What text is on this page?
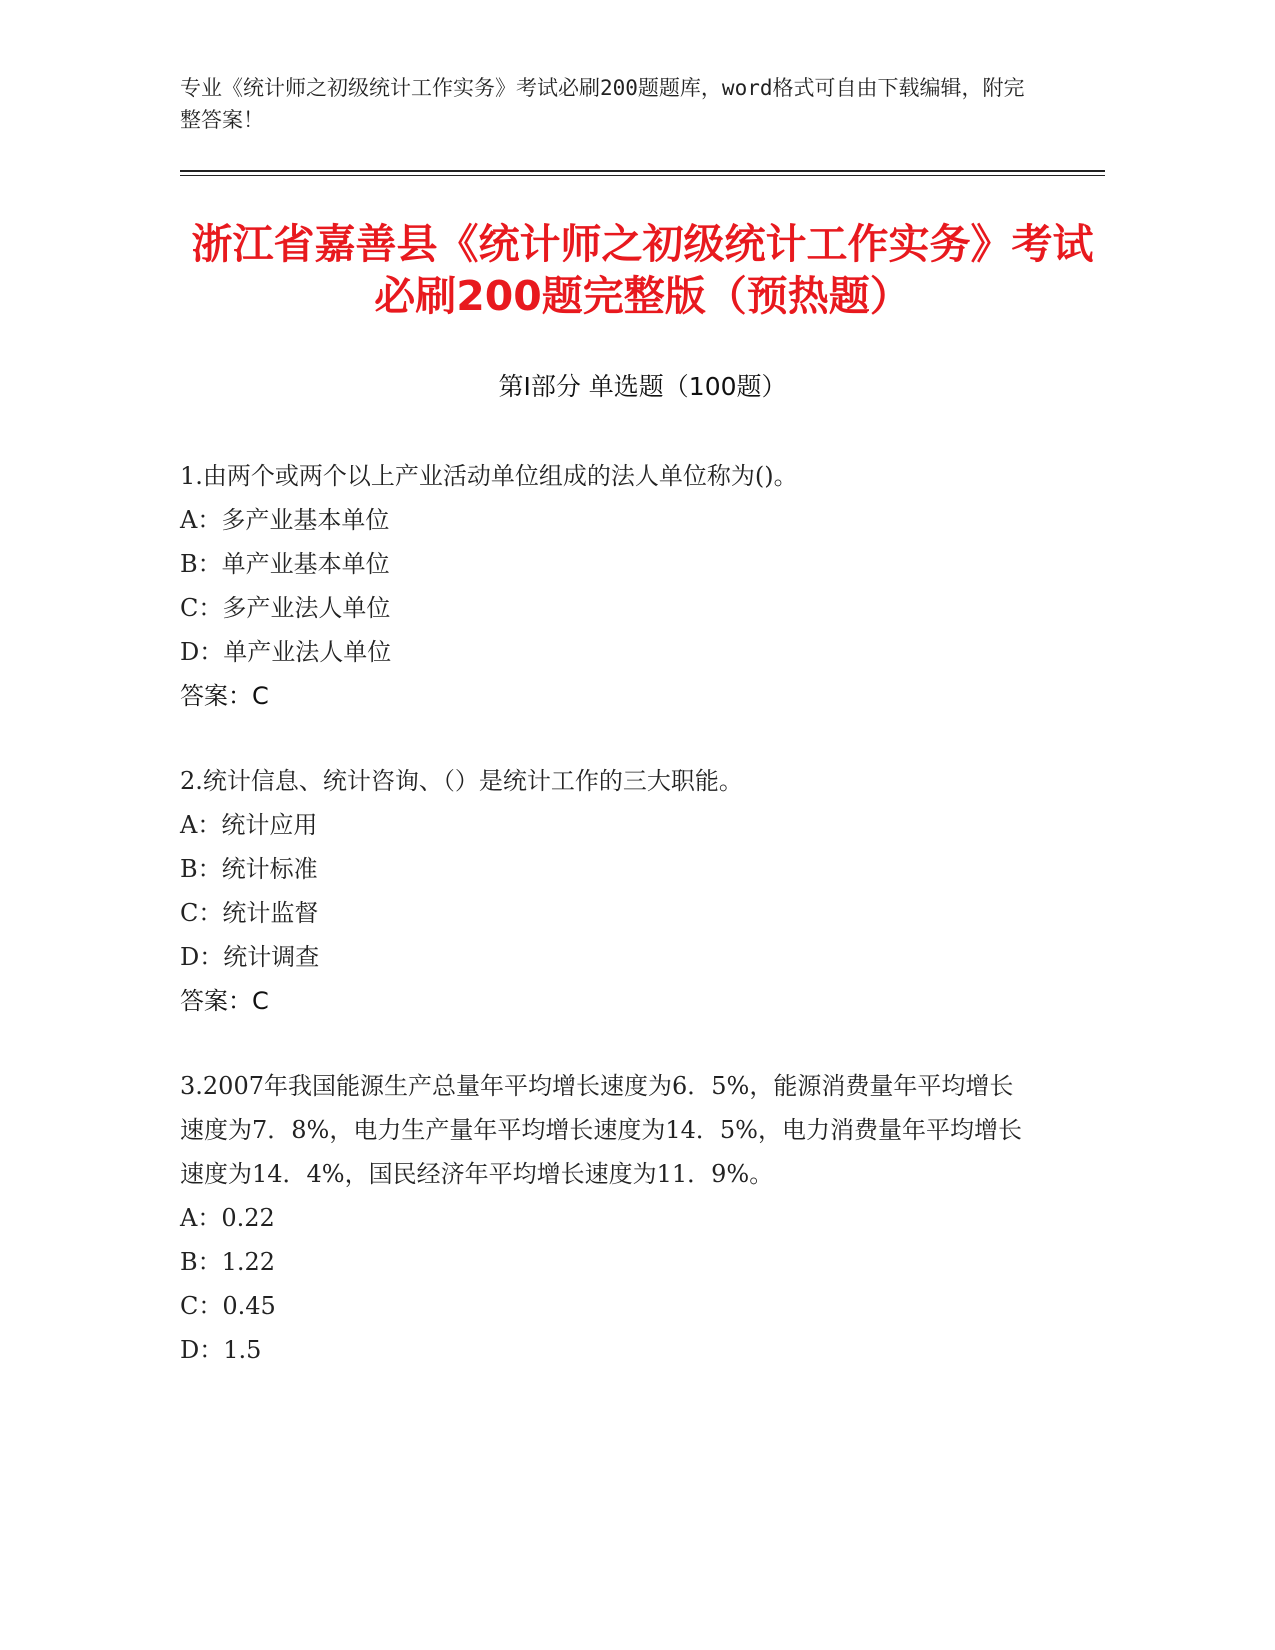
专业《统计师之初级统计工作实务》考试必刷200题题库，word格式可自由下载编辑，附完整答案！
浙江省嘉善县《统计师之初级统计工作实务》考试必刷200题完整版（预热题）
第Ⅰ部分 单选题（100题）
1.由两个或两个以上产业活动单位组成的法人单位称为()。
A：多产业基本单位
B：单产业基本单位
C：多产业法人单位
D：单产业法人单位
答案：C
2.统计信息、统计咨询、（）是统计工作的三大职能。
A：统计应用
B：统计标准
C：统计监督
D：统计调查
答案：C
3.2007年我国能源生产总量年平均增长速度为6．5%，能源消费量年平均增长速度为7．8%，电力生产量年平均增长速度为14．5%，电力消费量年平均增长速度为14．4%，国民经济年平均增长速度为11．9%。
A：0.22
B：1.22
C：0.45
D：1.5
